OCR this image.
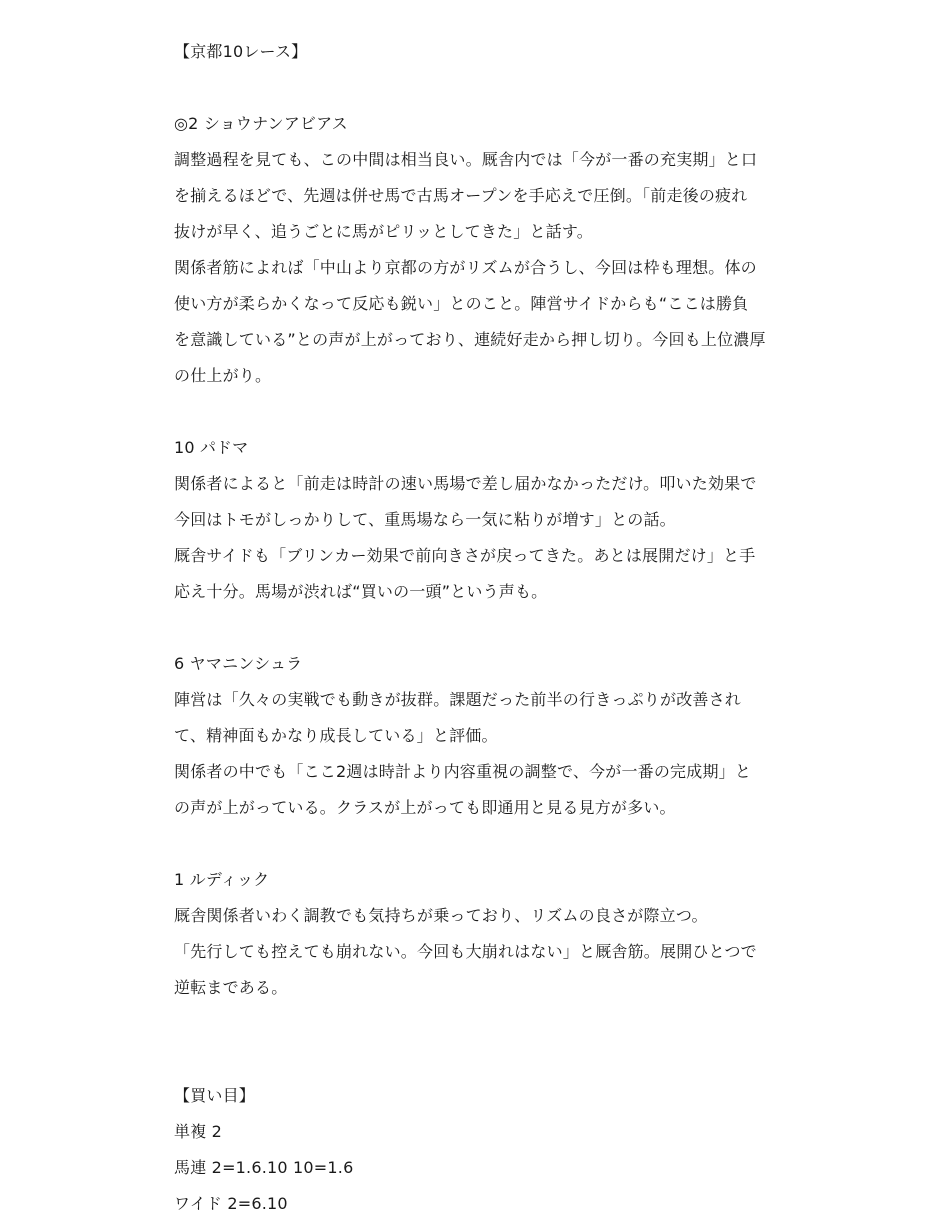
【京都10レース】
◎2 ショウナンアビアス
調整過程を見ても、この中間は相当良い。厩舎内では「今が一番の充実期」と口
を揃えるほどで、先週は併せ馬で古馬オープンを手応えで圧倒。「前走後の疲れ
抜けが早く、追うごとに馬がピリッとしてきた」と話す。
関係者筋によれば「中山より京都の方がリズムが合うし、今回は枠も理想。体の
使い方が柔らかくなって反応も鋭い」とのこと。陣営サイドからも“ここは勝負
を意識している”との声が上がっており、連続好走から押し切り。今回も上位濃厚
の仕上がり。
10 パドマ
関係者によると「前走は時計の速い馬場で差し届かなかっただけ。叩いた効果で
今回はトモがしっかりして、重馬場なら一気に粘りが増す」との話。
厩舎サイドも「ブリンカー効果で前向きさが戻ってきた。あとは展開だけ」と手
応え十分。馬場が渋れば“買いの一頭”という声も。
6 ヤマニンシュラ
陣営は「久々の実戦でも動きが抜群。課題だった前半の行きっぷりが改善され
て、精神面もかなり成長している」と評価。
関係者の中でも「ここ2週は時計より内容重視の調整で、今が一番の完成期」と
の声が上がっている。クラスが上がっても即通用と見る見方が多い。
1 ルディック
厩舎関係者いわく調教でも気持ちが乗っており、リズムの良さが際立つ。
「先行しても控えても崩れない。今回も大崩れはない」と厩舎筋。展開ひとつで
逆転まである。
【買い目】
単複 2
馬連 2=1.6.10 10=1.6
ワイド 2=6.10
